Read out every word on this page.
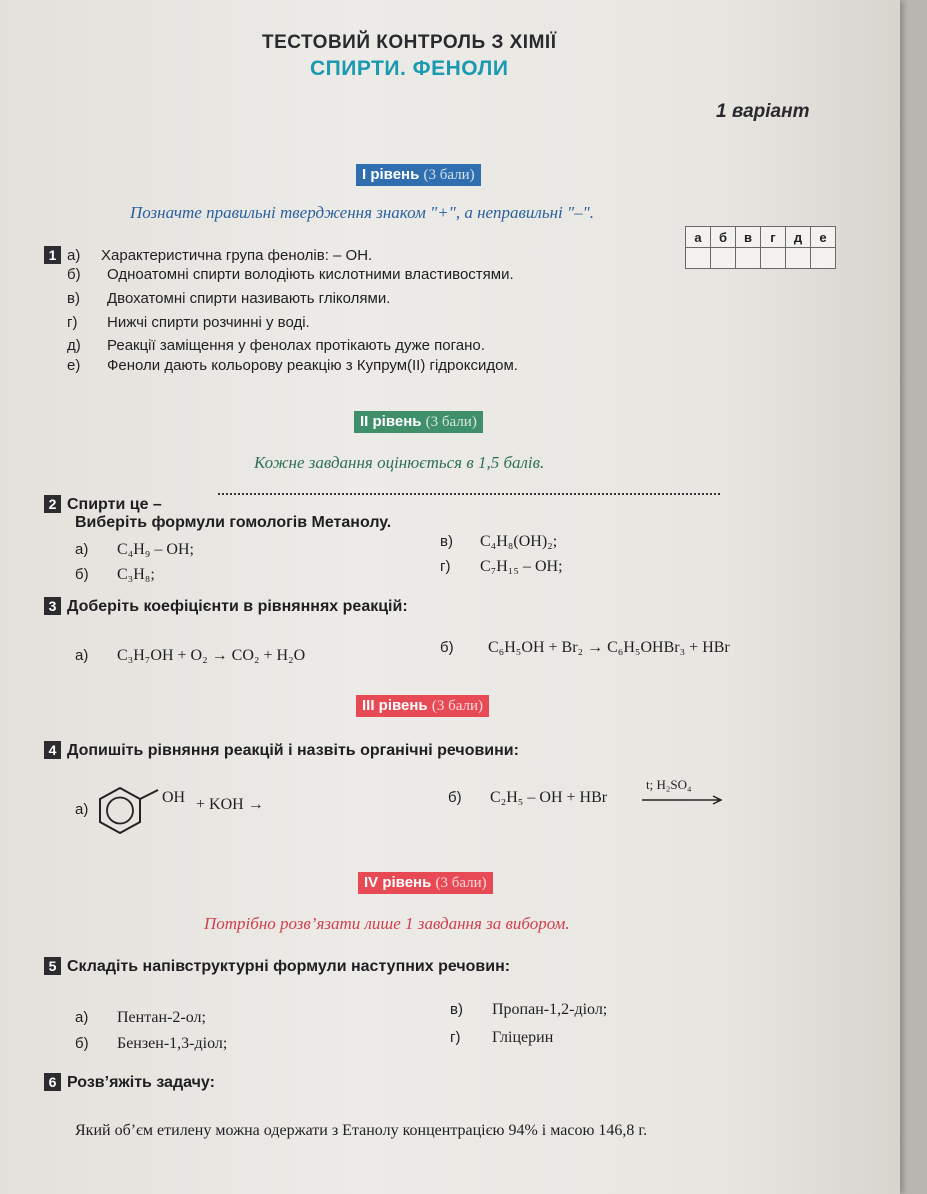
ТЕСТОВИЙ КОНТРОЛЬ З ХІМІЇ
СПИРТИ. ФЕНОЛИ
1 варіант
І рівень (3 бали)
Позначте правильні твердження знаком "+", а неправильні "–".
а	б	в	г	д	е

1 а) Характеристична група фенолів: – ОН.
б) Одноатомні спирти володіють кислотними властивостями.
в) Двохатомні спирти називають гліколями.
г) Нижчі спирти розчинні у воді.
д) Реакції заміщення у фенолах протікають дуже погано.
е) Феноли дають кольорову реакцію з Купрум(ІІ) гідроксидом.
ІІ рівень (3 бали)
Кожне завдання оцінюється в 1,5 балів.
2 Спирти це –
Виберіть формули гомологів Метанолу.
а) C₄H₉ – OH;
б) C₃H₈;
в) C₄H₈(OH)₂;
г) C₇H₁₅ – OH;
3 Доберіть коефіцієнти в рівняннях реакцій:
а) C₃H₇OH + O₂ → CO₂ + H₂O	б) C₆H₅OH + Br₂ → C₆H₅OHBr₃ + HBr
ІІІ рівень (3 бали)
4 Допишіть рівняння реакцій і назвіть органічні речовини:
а)
OH + KOH →	б) C₂H₅ – OH + HBr
t; H₂SO₄
IV рівень (3 бали)
Потрібно розв’язати лише 1 завдання за вибором.
5 Складіть напівструктурні формули наступних речовин:
а) Пентан-2-ол;
б) Бензен-1,3-діол;
в) Пропан-1,2-діол;
г) Гліцерин
6 Розв’яжіть задачу:
Який об’єм етилену можна одержати з Етанолу концентрацією 94% і масою 146,8 г.
